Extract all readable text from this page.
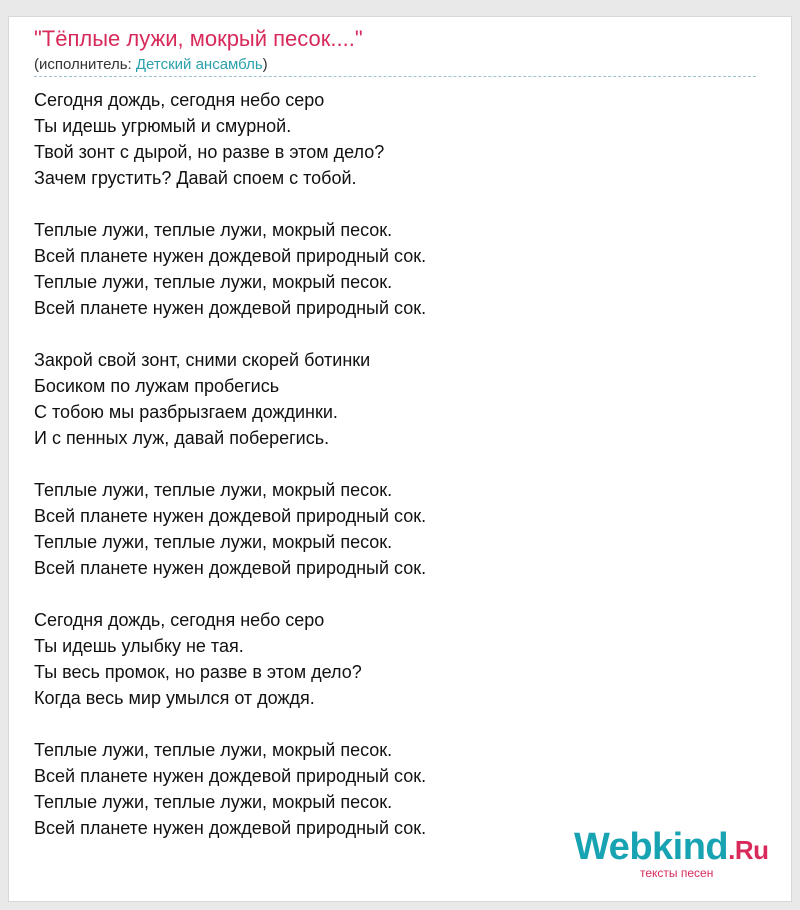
"Тёплые лужи, мокрый песок...."
(исполнитель: Детский ансамбль)
Сегодня дождь, сегодня небо серо
Ты идешь угрюмый и смурной.
Твой зонт с дырой, но разве в этом дело?
Зачем грустить? Давай споем с тобой.
Теплые лужи, теплые лужи, мокрый песок.
Всей планете нужен дождевой природный сок.
Теплые лужи, теплые лужи, мокрый песок.
Всей планете нужен дождевой природный сок.
Закрой свой зонт, сними скорей ботинки
Босиком по лужам пробегись
С тобою мы разбрызгаем дождинки.
И с пенных луж, давай поберегись.
Теплые лужи, теплые лужи, мокрый песок.
Всей планете нужен дождевой природный сок.
Теплые лужи, теплые лужи, мокрый песок.
Всей планете нужен дождевой природный сок.
Сегодня дождь, сегодня небо серо
Ты идешь улыбку не тая.
Ты весь промок, но разве в этом дело?
Когда весь мир умылся от дождя.
Теплые лужи, теплые лужи, мокрый песок.
Всей планете нужен дождевой природный сок.
Теплые лужи, теплые лужи, мокрый песок.
Всей планете нужен дождевой природный сок.	Webkind.Ru
тексты песен
